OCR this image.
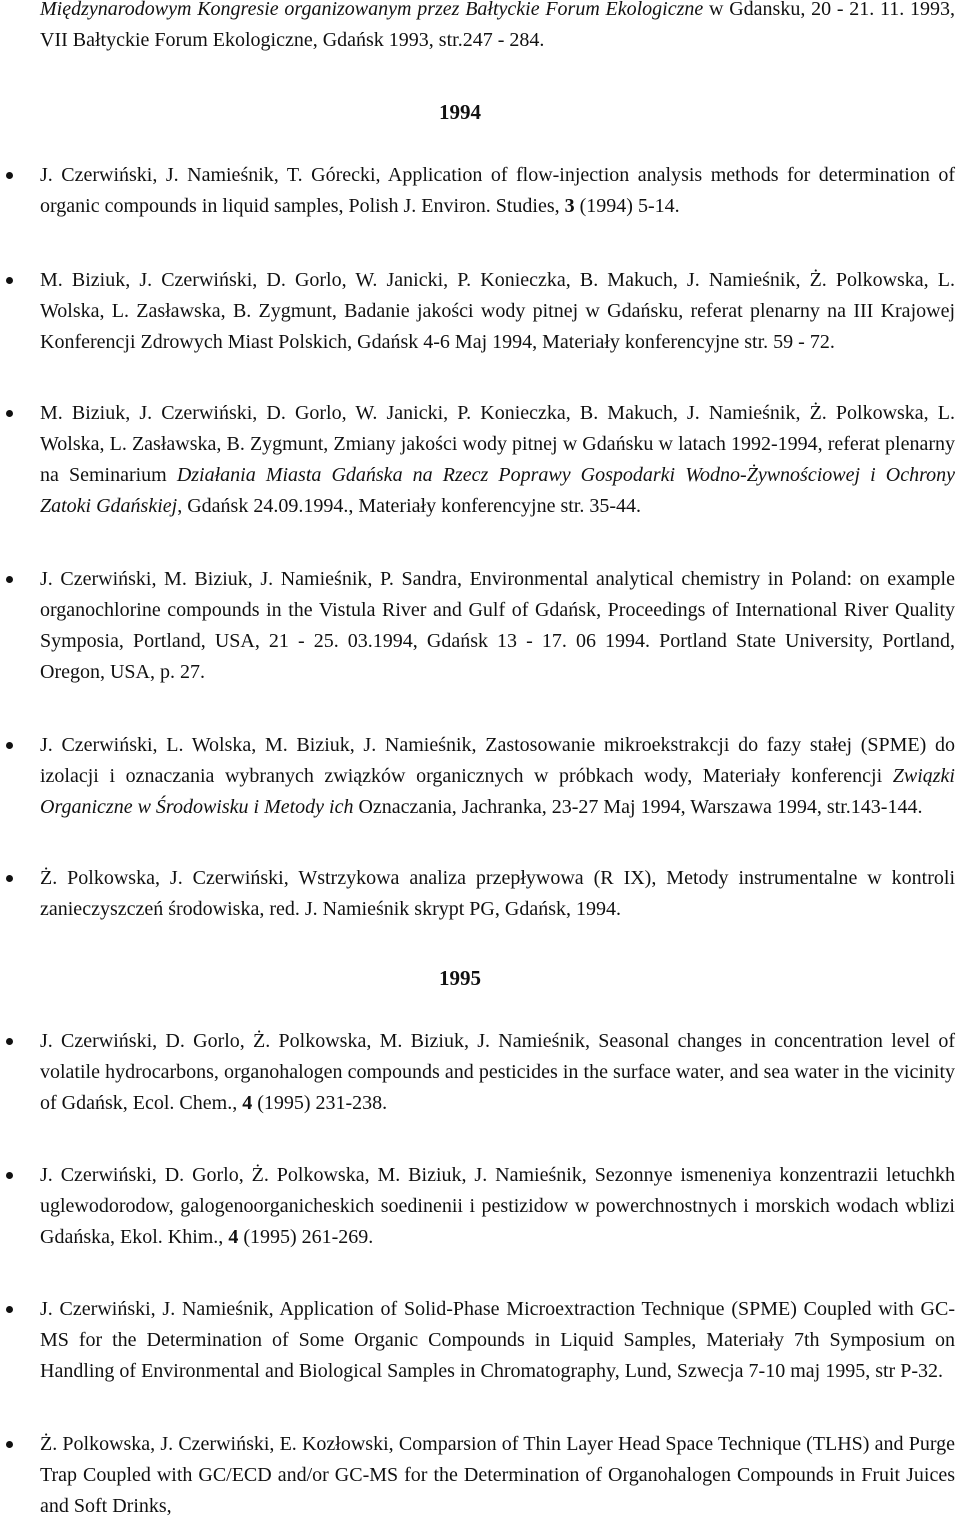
Międzynarodowym Kongresie organizowanym przez Bałtyckie Forum Ekologiczne w Gdansku, 20 - 21. 11. 1993, VII Bałtyckie Forum Ekologiczne, Gdańsk 1993, str.247 - 284.

1994

J. Czerwiński, J. Namieśnik, T. Górecki, Application of flow-injection analysis methods for determination of organic compounds in liquid samples, Polish J. Environ. Studies, 3 (1994) 5-14.

M. Biziuk, J. Czerwiński, D. Gorlo, W. Janicki, P. Konieczka, B. Makuch, J. Namieśnik, Ż. Polkowska, L. Wolska, L. Zasławska, B. Zygmunt, Badanie jakości wody pitnej w Gdańsku, referat plenarny na III Krajowej Konferencji Zdrowych Miast Polskich, Gdańsk 4-6 Maj 1994, Materiały konferencyjne str. 59 - 72.

M. Biziuk, J. Czerwiński, D. Gorlo, W. Janicki, P. Konieczka, B. Makuch, J. Namieśnik, Ż. Polkowska, L. Wolska, L. Zasławska, B. Zygmunt, Zmiany jakości wody pitnej w Gdańsku w latach 1992-1994, referat plenarny na Seminarium Działania Miasta Gdańska na Rzecz Poprawy Gospodarki Wodno-Żywnościowej i Ochrony Zatoki Gdańskiej, Gdańsk 24.09.1994., Materiały konferencyjne str. 35-44.

J. Czerwiński, M. Biziuk, J. Namieśnik, P. Sandra, Environmental analytical chemistry in Poland: on example organochlorine compounds in the Vistula River and Gulf of Gdańsk, Proceedings of International River Quality Symposia, Portland, USA, 21 - 25. 03.1994, Gdańsk 13 - 17. 06 1994. Portland State University, Portland, Oregon, USA, p. 27.

J. Czerwiński, L. Wolska, M. Biziuk, J. Namieśnik, Zastosowanie mikroekstrakcji do fazy stałej (SPME) do izolacji i oznaczania wybranych związków organicznych w próbkach wody, Materiały konferencji Związki Organiczne w Środowisku i Metody ich Oznaczania, Jachranka, 23-27 Maj 1994, Warszawa 1994, str.143-144.

Ż. Polkowska, J. Czerwiński, Wstrzykowa analiza przepływowa (R IX), Metody instrumentalne w kontroli zanieczyszczeń środowiska, red. J. Namieśnik skrypt PG, Gdańsk, 1994.

1995

J. Czerwiński, D. Gorlo, Ż. Polkowska, M. Biziuk, J. Namieśnik, Seasonal changes in concentration level of volatile hydrocarbons, organohalogen compounds and pesticides in the surface water, and sea water in the vicinity of Gdańsk, Ecol. Chem., 4 (1995) 231-238.

J. Czerwiński, D. Gorlo, Ż. Polkowska, M. Biziuk, J. Namieśnik, Sezonnye ismeneniya konzentrazii letuchkh uglewodorodow, galogenoorganicheskich soedinenii i pestizidow w powerchnostnych i morskich wodach wblizi Gdańska, Ekol. Khim., 4 (1995) 261-269.

J. Czerwiński, J. Namieśnik, Application of Solid-Phase Microextraction Technique (SPME) Coupled with GC-MS for the Determination of Some Organic Compounds in Liquid Samples, Materiały 7th Symposium on Handling of Environmental and Biological Samples in Chromatography, Lund, Szwecja 7-10 maj 1995, str P-32.

Ż. Polkowska, J. Czerwiński, E. Kozłowski, Comparsion of Thin Layer Head Space Technique (TLHS) and Purge Trap Coupled with GC/ECD and/or GC-MS for the Determination of Organohalogen Compounds in Fruit Juices and Soft Drinks,
